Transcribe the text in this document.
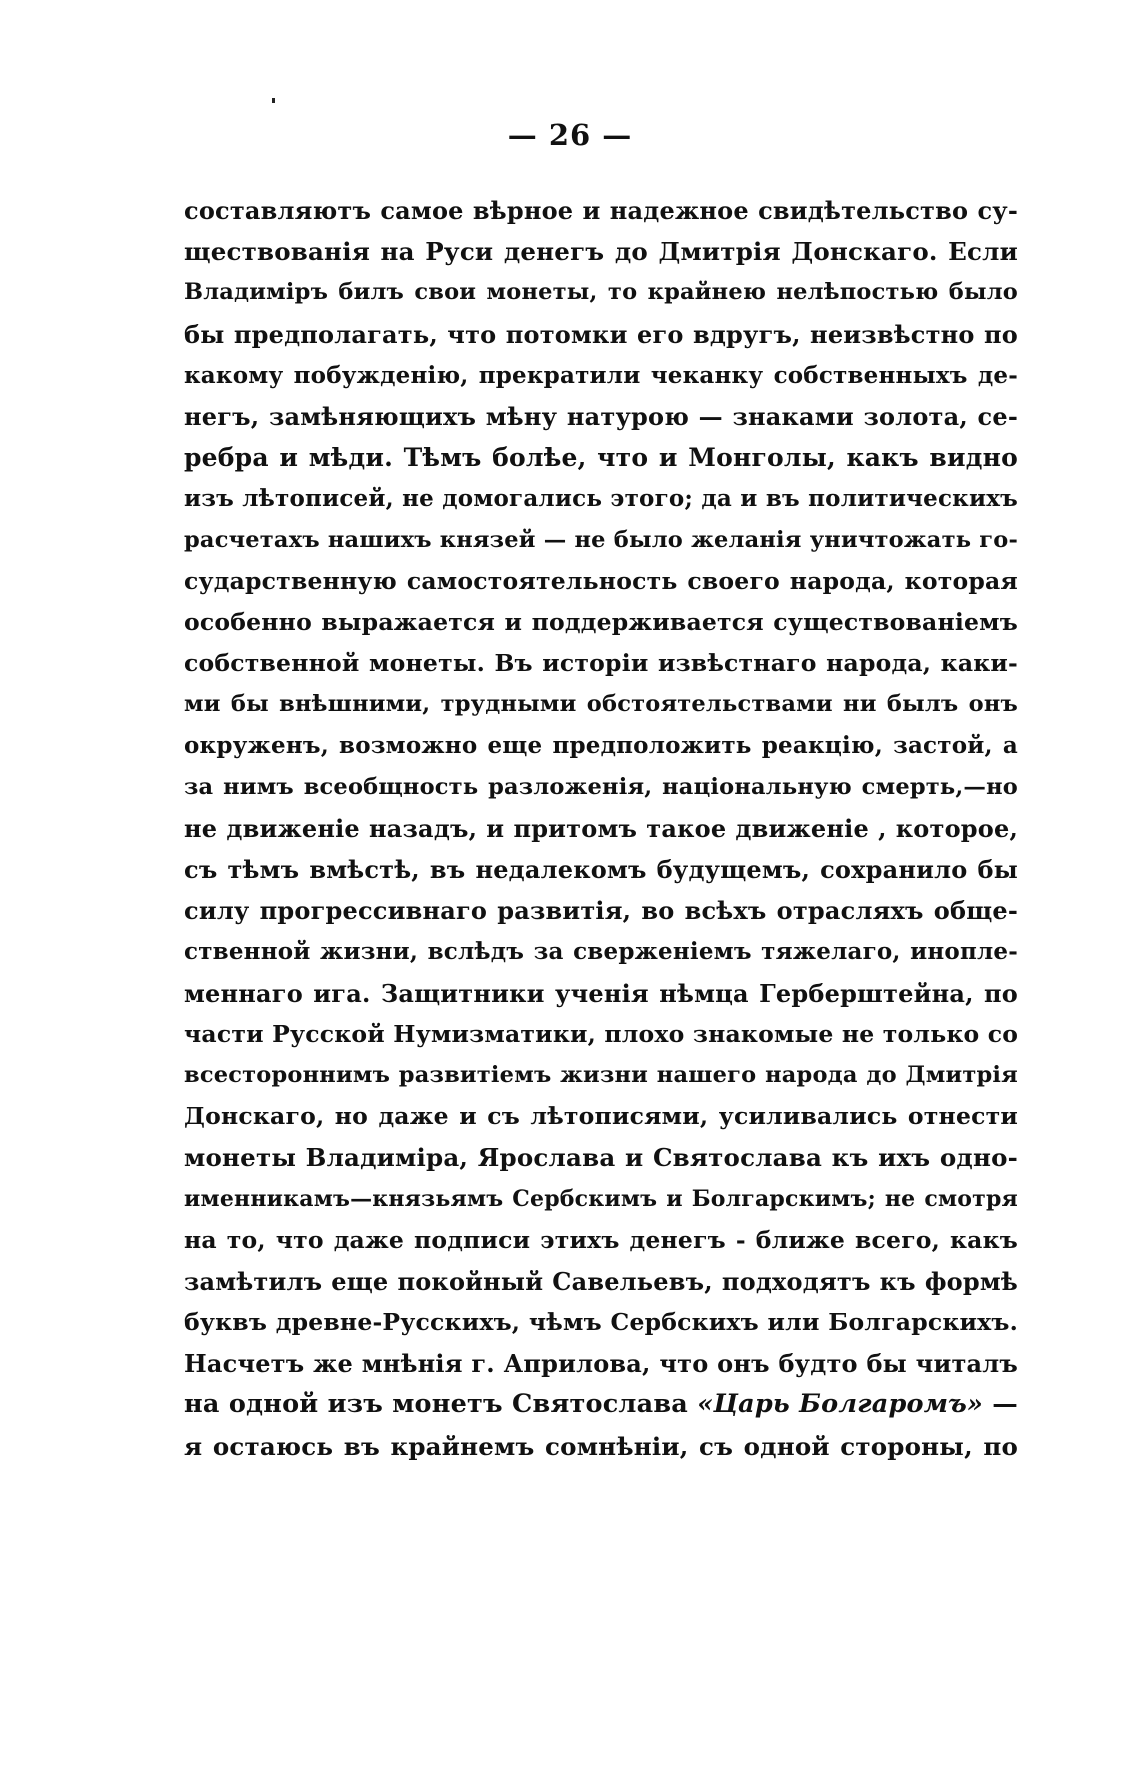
— 26 —
составляютъ самое вѣрное и надежное свидѣтельство су-
ществованія на Руси денегъ до Дмитрія Донскаго. Если
Владиміръ билъ свои монеты, то крайнею нелѣпостью было
бы предполагать, что потомки его вдругъ, неизвѣстно по
какому побужденію, прекратили чеканку собственныхъ де-
негъ, замѣняющихъ мѣну натурою — знаками золота, се-
ребра и мѣди. Тѣмъ болѣе, что и Монголы, какъ видно
изъ лѣтописей, не домогались этого; да и въ политическихъ
расчетахъ нашихъ князей — не было желанія уничтожать го-
сударственную самостоятельность своего народа, которая
особенно выражается и поддерживается существованіемъ
собственной монеты. Въ исторіи извѣстнаго народа, каки-
ми бы внѣшними, трудными обстоятельствами ни былъ онъ
окруженъ, возможно еще предположить реакцію, застой, а
за нимъ всеобщность разложенія, національную смерть,—но
не движеніе назадъ, и притомъ такое движеніе , которое,
съ тѣмъ вмѣстѣ, въ недалекомъ будущемъ, сохранило бы
силу прогрессивнаго развитія, во всѣхъ отрасляхъ обще-
ственной жизни, вслѣдъ за сверженіемъ тяжелаго, инопле-
меннаго ига. Защитники ученія нѣмца Герберштейна, по
части Русской Нумизматики, плохо знакомые не только со
всестороннимъ развитіемъ жизни нашего народа до Дмитрія
Донскаго, но даже и съ лѣтописями, усиливались отнести
монеты Владиміра, Ярослава и Святослава къ ихъ одно-
именникамъ—князьямъ Сербскимъ и Болгарскимъ; не смотря
на то, что даже подписи этихъ денегъ - ближе всего, какъ
замѣтилъ еще покойный Савельевъ, подходятъ къ формѣ
буквъ древне-Русскихъ, чѣмъ Сербскихъ или Болгарскихъ.
Насчетъ же мнѣнія г. Априлова, что онъ будто бы читалъ
на одной изъ монетъ Святослава «Царь Болгаромъ» —
я остаюсь въ крайнемъ сомнѣніи, съ одной стороны, по
